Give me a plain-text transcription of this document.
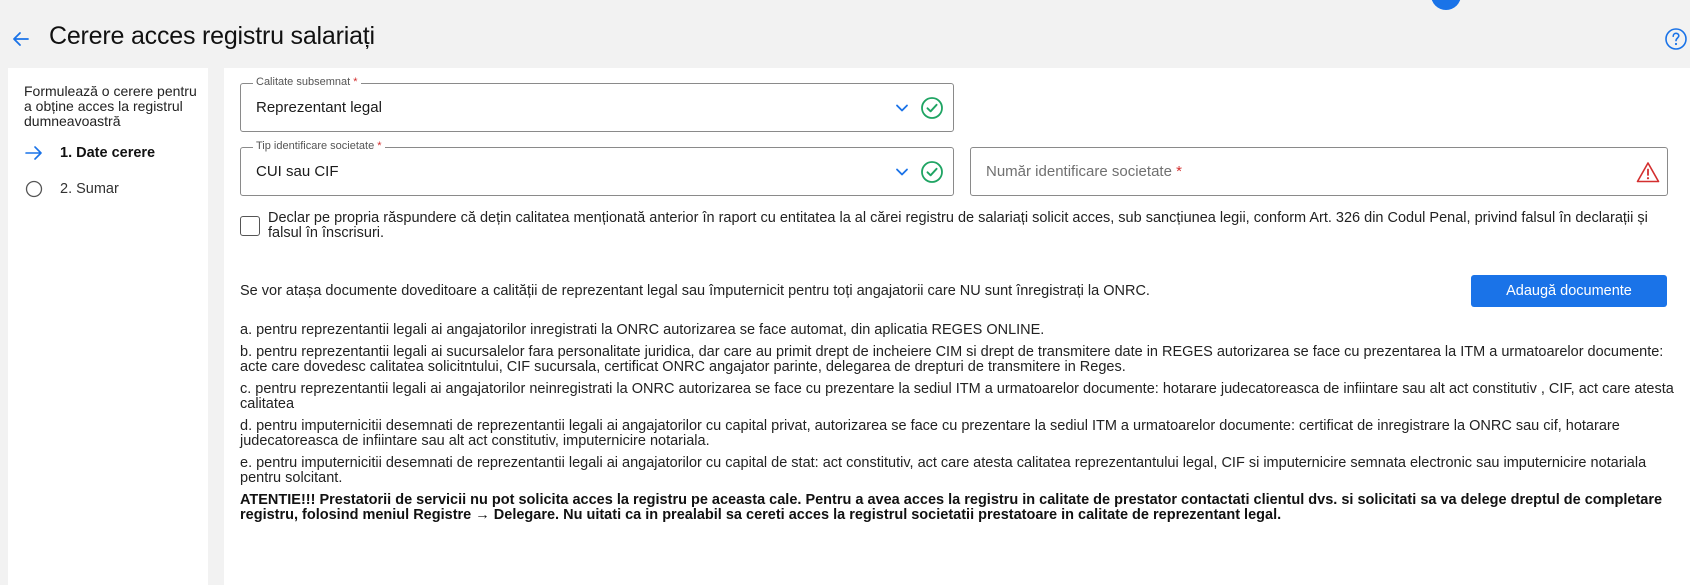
Cerere acces registru salariați

Formulează o cerere pentru a obține acces la registrul dumneavoastră

1. Date cerere
2. Sumar
Calitate subsemnat *
Reprezentant legal
Tip identificare societate *
CUI sau CIF	Număr identificare societate *

Declar pe propria răspundere că dețin calitatea menționată anterior în raport cu entitatea la al cărei registru de salariați solicit acces, sub sancțiunea legii, conform Art. 326 din Codul Penal, privind falsul în declarații și falsul în înscrisuri.

Se vor atașa documente doveditoare a calității de reprezentant legal sau împuternicit pentru toți angajatorii care NU sunt înregistrați la ONRC.	Adaugă documente

a. pentru reprezentantii legali ai angajatorilor inregistrati la ONRC autorizarea se face automat, din aplicatia REGES ONLINE.

b. pentru reprezentantii legali ai sucursalelor fara personalitate juridica, dar care au primit drept de incheiere CIM si drept de transmitere date in REGES autorizarea se face cu prezentarea la ITM a urmatoarelor documente: acte care dovedesc calitatea solicitntului, CIF sucursala, certificat ONRC angajator parinte, delegarea de drepturi de transmitere in Reges.

c. pentru reprezentantii legali ai angajatorilor neinregistrati la ONRC autorizarea se face cu prezentare la sediul ITM a urmatoarelor documente: hotarare judecatoreasca de infiintare sau alt act constitutiv , CIF, act care atesta calitatea

d. pentru imputernicitii desemnati de reprezentantii legali ai angajatorilor cu capital privat, autorizarea se face cu prezentare la sediul ITM a urmatoarelor documente: certificat de inregistrare la ONRC sau cif, hotarare judecatoreasca de infiintare sau alt act constitutiv, imputernicire notariala.

e. pentru imputernicitii desemnati de reprezentantii legali ai angajatorilor cu capital de stat: act constitutiv, act care atesta calitatea reprezentantului legal, CIF si imputernicire semnata electronic sau imputernicire notariala pentru solcitant.

ATENTIE!!! Prestatorii de servicii nu pot solicita acces la registru pe aceasta cale. Pentru a avea acces la registru in calitate de prestator contactati clientul dvs. si solicitati sa va delege dreptul de completare registru, folosind meniul Registre → Delegare. Nu uitati ca in prealabil sa cereti acces la registrul societatii prestatoare in calitate de reprezentant legal.
